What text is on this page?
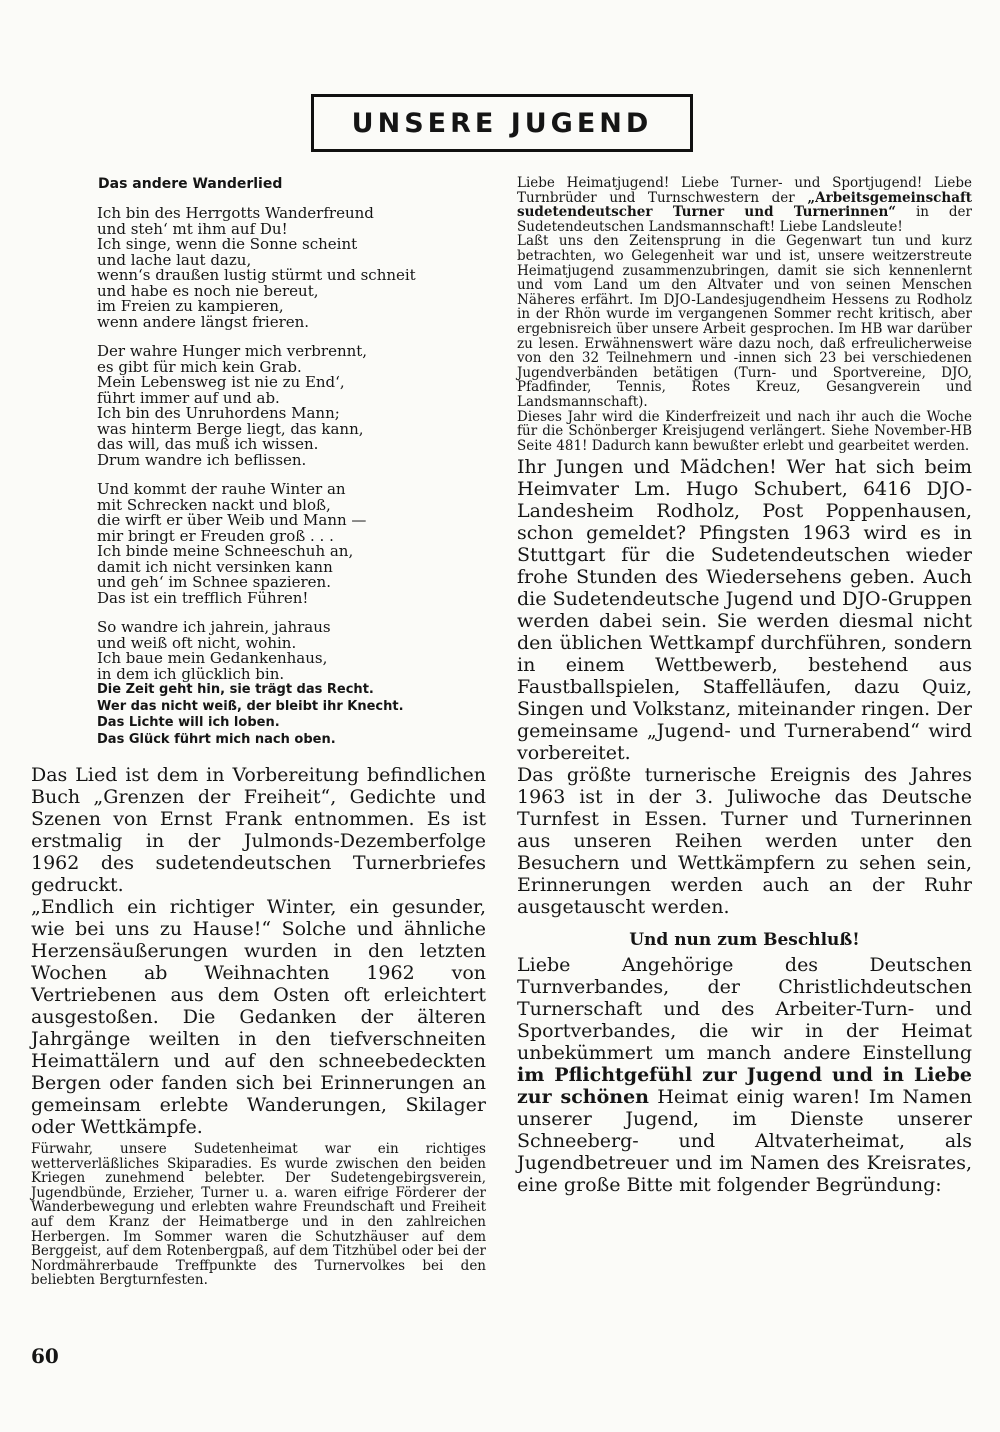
UNSERE JUGEND
Das andere Wanderlied
Ich bin des Herrgotts Wanderfreund
und steh‘ mt ihm auf Du!
Ich singe, wenn die Sonne scheint
und lache laut dazu,
wenn‘s draußen lustig stürmt und schneit
und habe es noch nie bereut,
im Freien zu kampieren,
wenn andere längst frieren.
Der wahre Hunger mich verbrennt,
es gibt für mich kein Grab.
Mein Lebensweg ist nie zu End‘,
führt immer auf und ab.
Ich bin des Unruhordens Mann;
was hinterm Berge liegt, das kann,
das will, das muß ich wissen.
Drum wandre ich beflissen.
Und kommt der rauhe Winter an
mit Schrecken nackt und bloß,
die wirft er über Weib und Mann —
mir bringt er Freuden groß . . .
Ich binde meine Schneeschuh an,
damit ich nicht versinken kann
und geh‘ im Schnee spazieren.
Das ist ein trefflich Führen!
So wandre ich jahrein, jahraus
und weiß oft nicht, wohin.
Ich baue mein Gedankenhaus,
in dem ich glücklich bin.
Die Zeit geht hin, sie trägt das Recht.
Wer das nicht weiß, der bleibt ihr Knecht.
Das Lichte will ich loben.
Das Glück führt mich nach oben.

Das Lied ist dem in Vorbereitung befindlichen Buch „Grenzen der Freiheit“, Gedichte und Szenen von Ernst Frank entnommen. Es ist erstmalig in der Julmonds-Dezemberfolge 1962 des sudetendeutschen Turnerbriefes gedruckt.

„Endlich ein richtiger Winter, ein gesunder, wie bei uns zu Hause!“ Solche und ähnliche Herzensäußerungen wurden in den letzten Wochen ab Weihnachten 1962 von Vertriebenen aus dem Osten oft erleichtert ausgestoßen. Die Gedanken der älteren Jahrgänge weilten in den tiefverschneiten Heimattälern und auf den schneebedeckten Bergen oder fanden sich bei Erinnerungen an gemeinsam erlebte Wanderungen, Skilager oder Wettkämpfe.

Fürwahr, unsere Sudetenheimat war ein richtiges wetterverläßliches Skiparadies. Es wurde zwischen den beiden Kriegen zunehmend belebter. Der Sudetengebirgsverein, Jugendbünde, Erzieher, Turner u. a. waren eifrige Förderer der Wanderbewegung und erlebten wahre Freundschaft und Freiheit auf dem Kranz der Heimatberge und in den zahlreichen Herbergen. Im Sommer waren die Schutzhäuser auf dem Berggeist, auf dem Rotenbergpaß, auf dem Titzhübel oder bei der Nordmährerbaude Treffpunkte des Turnervolkes bei den beliebten Bergturnfesten.

Liebe Heimatjugend! Liebe Turner- und Sportjugend! Liebe Turnbrüder und Turnschwestern der „Arbeitsgemeinschaft sudetendeutscher Turner und Turnerinnen“ in der Sudetendeutschen Landsmannschaft! Liebe Landsleute!

Laßt uns den Zeitensprung in die Gegenwart tun und kurz betrachten, wo Gelegenheit war und ist, unsere weitzerstreute Heimatjugend zusammenzubringen, damit sie sich kennenlernt und vom Land um den Altvater und von seinen Menschen Näheres erfährt. Im DJO-Landesjugendheim Hessens zu Rodholz in der Rhön wurde im vergangenen Sommer recht kritisch, aber ergebnisreich über unsere Arbeit gesprochen. Im HB war darüber zu lesen. Erwähnenswert wäre dazu noch, daß erfreulicherweise von den 32 Teilnehmern und -innen sich 23 bei verschiedenen Jugendverbänden betätigen (Turn- und Sportvereine, DJO, Pfadfinder, Tennis, Rotes Kreuz, Gesangverein und Landsmannschaft).

Dieses Jahr wird die Kinderfreizeit und nach ihr auch die Woche für die Schönberger Kreisjugend verlängert. Siehe November-HB Seite 481! Dadurch kann bewußter erlebt und gearbeitet werden.

Ihr Jungen und Mädchen! Wer hat sich beim Heimvater Lm. Hugo Schubert, 6416 DJO-Landesheim Rodholz, Post Poppenhausen, schon gemeldet? Pfingsten 1963 wird es in Stuttgart für die Sudetendeutschen wieder frohe Stunden des Wiedersehens geben. Auch die Sudetendeutsche Jugend und DJO-Gruppen werden dabei sein. Sie werden diesmal nicht den üblichen Wettkampf durchführen, sondern in einem Wettbewerb, bestehend aus Faustballspielen, Staffelläufen, dazu Quiz, Singen und Volkstanz, miteinander ringen. Der gemeinsame „Jugend- und Turnerabend“ wird vorbereitet.

Das größte turnerische Ereignis des Jahres 1963 ist in der 3. Juliwoche das Deutsche Turnfest in Essen. Turner und Turnerinnen aus unseren Reihen werden unter den Besuchern und Wettkämpfern zu sehen sein, Erinnerungen werden auch an der Ruhr ausgetauscht werden.

Und nun zum Beschluß!

Liebe Angehörige des Deutschen Turnverbandes, der Christlichdeutschen Turnerschaft und des Arbeiter-Turn- und Sportverbandes, die wir in der Heimat unbekümmert um manch andere Einstellung im Pflichtgefühl zur Jugend und in Liebe zur schönen Heimat einig waren! Im Namen unserer Jugend, im Dienste unserer Schneeberg- und Altvaterheimat, als Jugendbetreuer und im Namen des Kreisrates, eine große Bitte mit folgender Begründung:

60
